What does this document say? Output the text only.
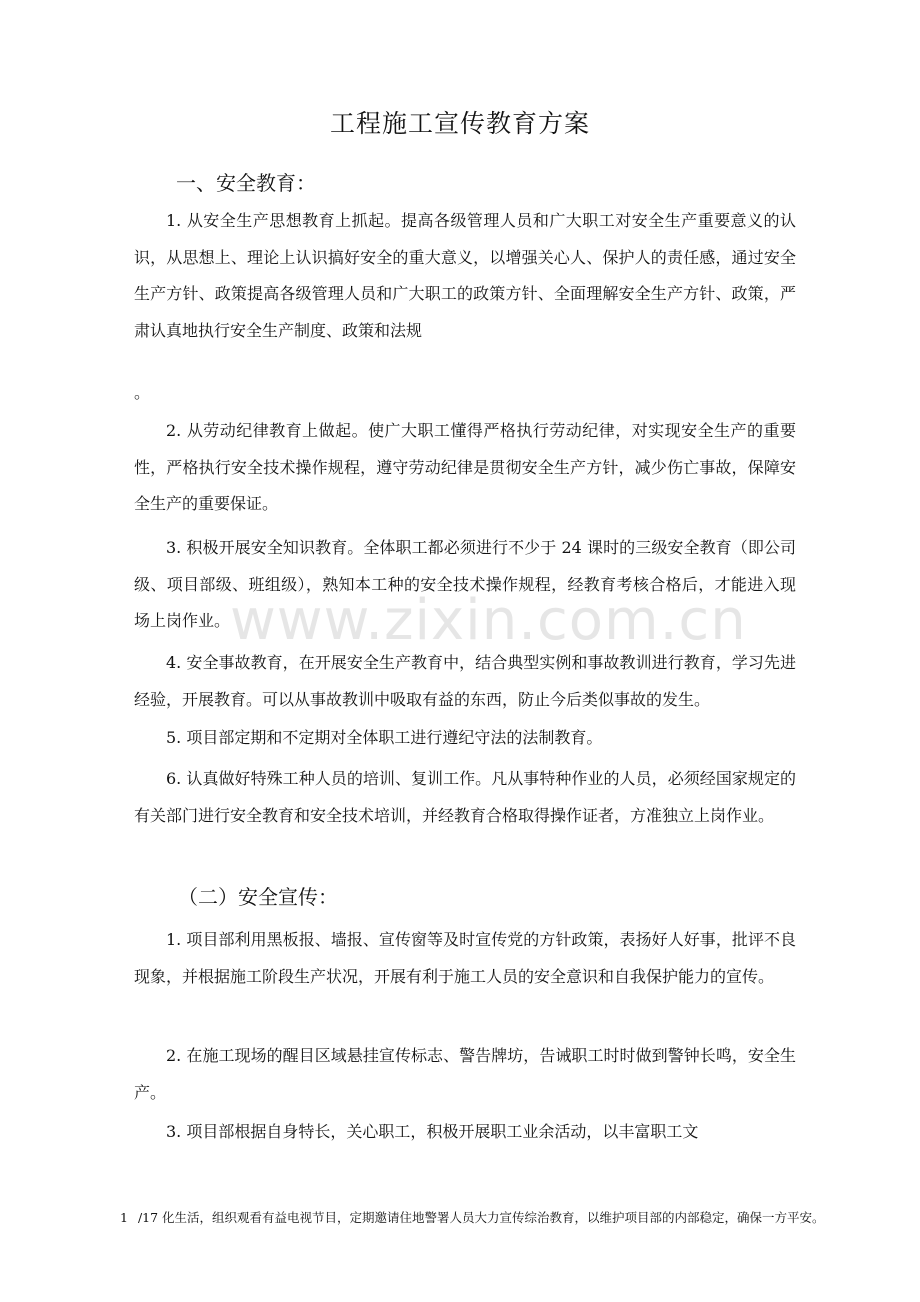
www.zixin.com.cn
工程施工宣传教育方案
一、安全教育：

1. 从安全生产思想教育上抓起。提高各级管理人员和广大职工对安全生产重要意义的认识，从思想上、理论上认识搞好安全的重大意义，以增强关心人、保护人的责任感，通过安全生产方针、政策提高各级管理人员和广大职工的政策方针、全面理解安全生产方针、政策，严肃认真地执行安全生产制度、政策和法规

。

2. 从劳动纪律教育上做起。使广大职工懂得严格执行劳动纪律，对实现安全生产的重要性，严格执行安全技术操作规程，遵守劳动纪律是贯彻安全生产方针，减少伤亡事故，保障安全生产的重要保证。

3. 积极开展安全知识教育。全体职工都必须进行不少于 24 课时的三级安全教育（即公司级、项目部级、班组级），熟知本工种的安全技术操作规程，经教育考核合格后，才能进入现场上岗作业。

4. 安全事故教育，在开展安全生产教育中，结合典型实例和事故教训进行教育，学习先进经验，开展教育。可以从事故教训中吸取有益的东西，防止今后类似事故的发生。

5. 项目部定期和不定期对全体职工进行遵纪守法的法制教育。

6. 认真做好特殊工种人员的培训、复训工作。凡从事特种作业的人员，必须经国家规定的有关部门进行安全教育和安全技术培训，并经教育合格取得操作证者，方准独立上岗作业。

（二）安全宣传：

1. 项目部利用黑板报、墙报、宣传窗等及时宣传党的方针政策，表扬好人好事，批评不良现象，并根据施工阶段生产状况，开展有利于施工人员的安全意识和自我保护能力的宣传。

2. 在施工现场的醒目区域悬挂宣传标志、警告牌坊，告诫职工时时做到警钟长鸣，安全生产。

3. 项目部根据自身特长，关心职工，积极开展职工业余活动，以丰富职工文

1 /17 化生活，组织观看有益电视节目，定期邀请住地警署人员大力宣传综治教育，以维护项目部的内部稳定，确保一方平安。
